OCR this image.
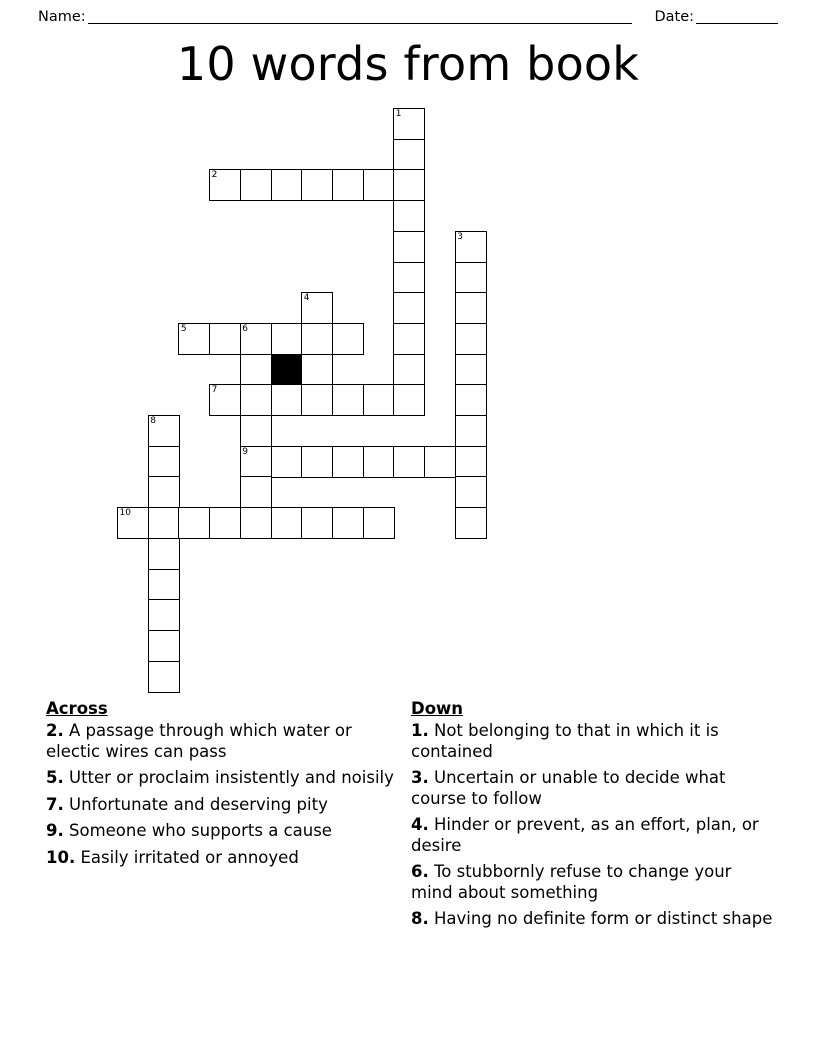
Name:	Date:
10 words from book
1
2
3
4
5	6
7
8
9
10
Across

2. A passage through which water or electic wires can pass

5. Utter or proclaim insistently and noisily

7. Unfortunate and deserving pity

9. Someone who supports a cause

10. Easily irritated or annoyed

Down

1. Not belonging to that in which it is contained

3. Uncertain or unable to decide what course to follow

4. Hinder or prevent, as an effort, plan, or desire

6. To stubbornly refuse to change your mind about something

8. Having no definite form or distinct shape
